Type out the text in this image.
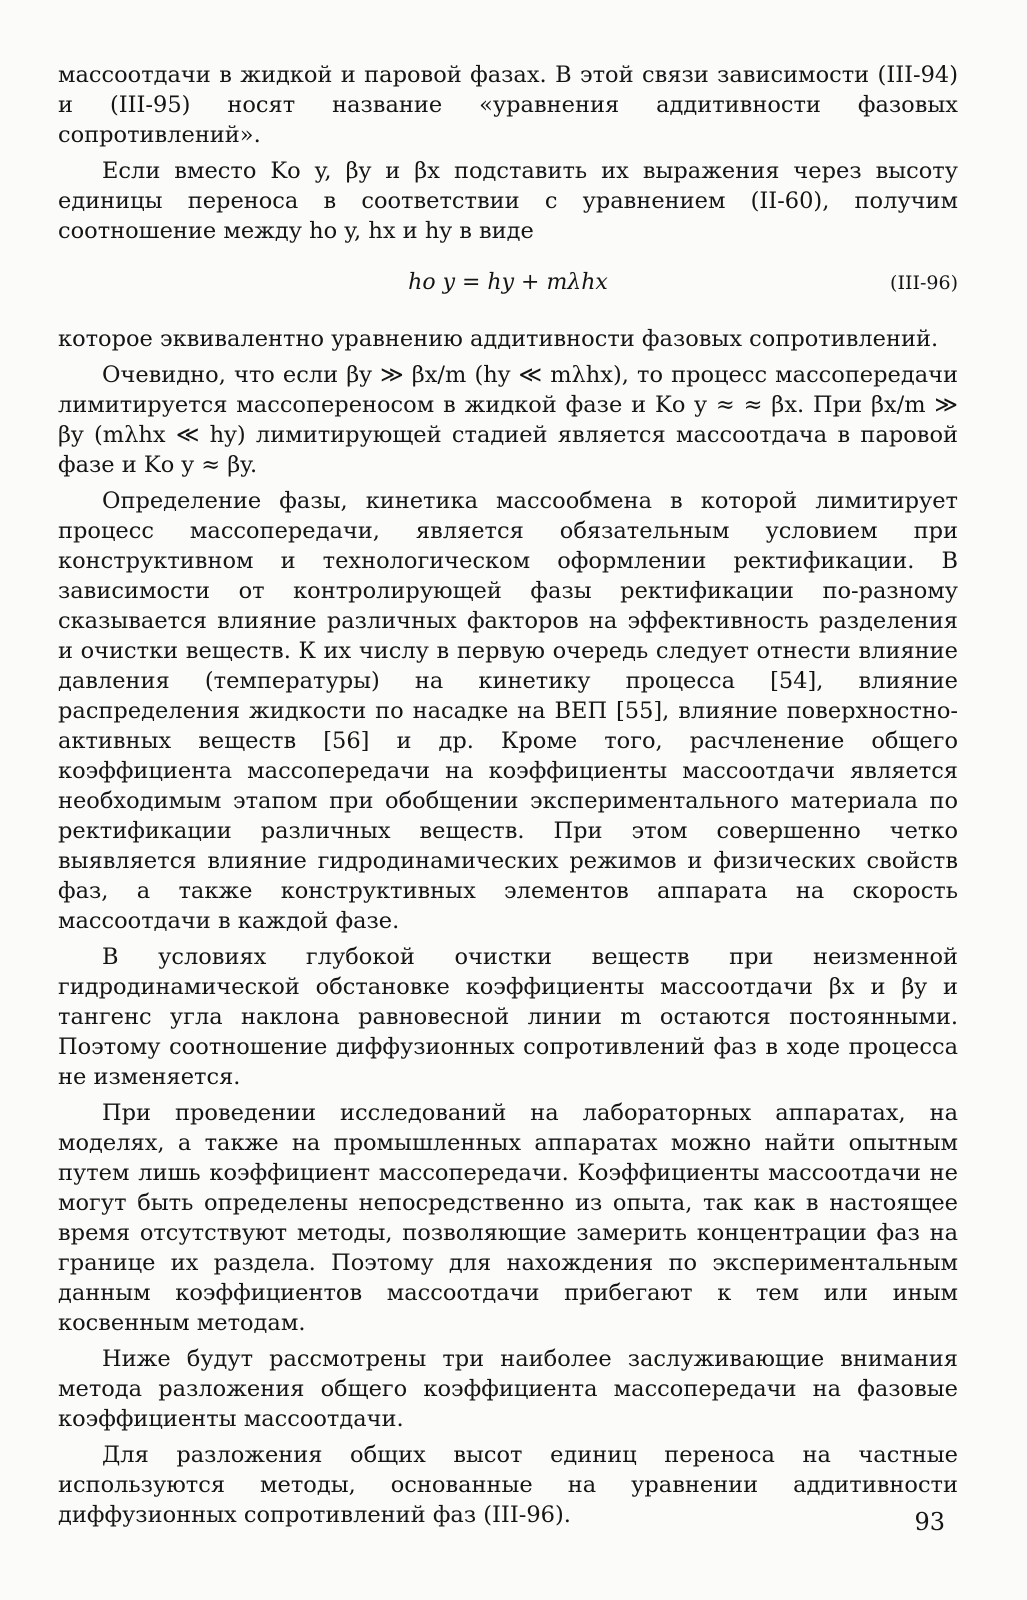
массоотдачи в жидкой и паровой фазах. В этой связи зависимости (III-94) и (III-95) носят название «уравнения аддитивности фазовых сопротивлений».

Если вместо Kо y, βy и βx подставить их выражения через высоту единицы переноса в соответствии с уравнением (II-60), получим соотношение между hо y, hx и hy в виде

hо y = hy + mλhx	(III-96)

которое эквивалентно уравнению аддитивности фазовых сопротивлений.

Очевидно, что если βy ≫ βx/m (hy ≪ mλhx), то процесс массопередачи лимитируется массопереносом в жидкой фазе и Kо y ≈ ≈ βx. При βx/m ≫ βy (mλhx ≪ hy) лимитирующей стадией является массоотдача в паровой фазе и Kо y ≈ βy.

Определение фазы, кинетика массообмена в которой лимитирует процесс массопередачи, является обязательным условием при конструктивном и технологическом оформлении ректификации. В зависимости от контролирующей фазы ректификации по-разному сказывается влияние различных факторов на эффективность разделения и очистки веществ. К их числу в первую очередь следует отнести влияние давления (температуры) на кинетику процесса [54], влияние распределения жидкости по насадке на ВЕП [55], влияние поверхностно-активных веществ [56] и др. Кроме того, расчленение общего коэффициента массопередачи на коэффициенты массоотдачи является необходимым этапом при обобщении экспериментального материала по ректификации различных веществ. При этом совершенно четко выявляется влияние гидродинамических режимов и физических свойств фаз, а также конструктивных элементов аппарата на скорость массоотдачи в каждой фазе.

В условиях глубокой очистки веществ при неизменной гидродинамической обстановке коэффициенты массоотдачи βx и βy и тангенс угла наклона равновесной линии m остаются постоянными. Поэтому соотношение диффузионных сопротивлений фаз в ходе процесса не изменяется.

При проведении исследований на лабораторных аппаратах, на моделях, а также на промышленных аппаратах можно найти опытным путем лишь коэффициент массопередачи. Коэффициенты массоотдачи не могут быть определены непосредственно из опыта, так как в настоящее время отсутствуют методы, позволяющие замерить концентрации фаз на границе их раздела. Поэтому для нахождения по экспериментальным данным коэффициентов массоотдачи прибегают к тем или иным косвенным методам.

Ниже будут рассмотрены три наиболее заслуживающие внимания метода разложения общего коэффициента массопередачи на фазовые коэффициенты массоотдачи.

Для разложения общих высот единиц переноса на частные используются методы, основанные на уравнении аддитивности диффузионных сопротивлений фаз (III-96).	93
